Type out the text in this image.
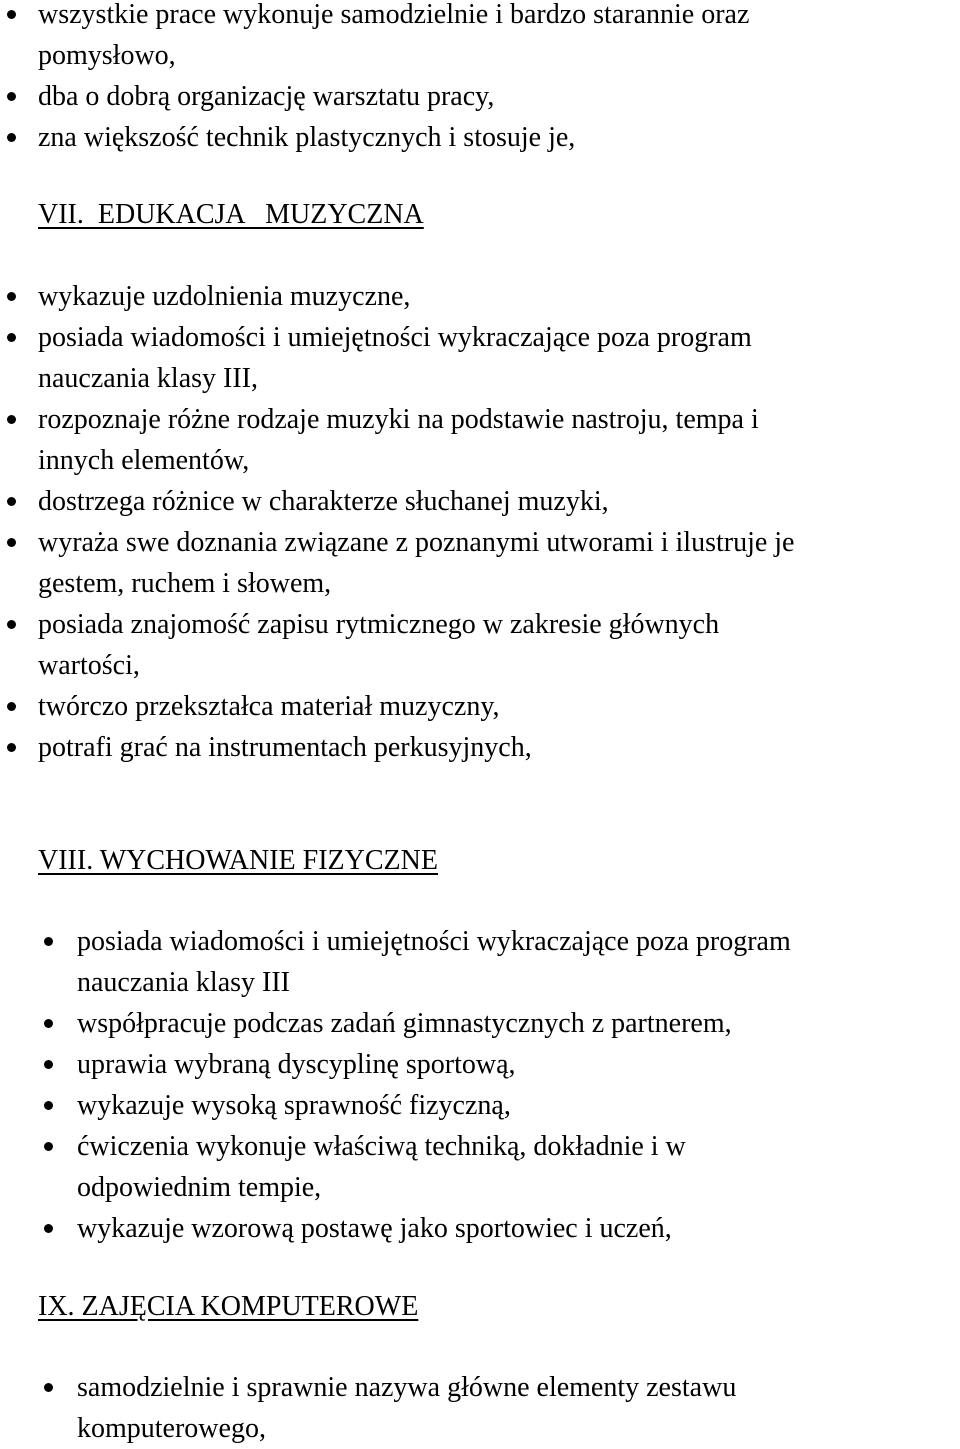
wszystkie prace wykonuje samodzielnie i bardzo starannie oraz
pomysłowo,
dba o dobrą organizację warsztatu pracy,
zna większość technik plastycznych i stosuje je,
VII.  EDUKACJA   MUZYCZNA
wykazuje uzdolnienia muzyczne,
posiada wiadomości i umiejętności wykraczające poza program
nauczania klasy III,
rozpoznaje różne rodzaje muzyki na podstawie nastroju, tempa i
innych elementów,
dostrzega różnice w charakterze słuchanej muzyki,
wyraża swe doznania związane z poznanymi utworami i ilustruje je
gestem, ruchem i słowem,
posiada znajomość zapisu rytmicznego w zakresie głównych
wartości,
twórczo przekształca materiał muzyczny,
potrafi grać na instrumentach perkusyjnych,
VIII. WYCHOWANIE FIZYCZNE
posiada wiadomości i umiejętności wykraczające poza program
nauczania klasy III
współpracuje podczas zadań gimnastycznych z partnerem,
uprawia wybraną dyscyplinę sportową,
wykazuje wysoką sprawność fizyczną,
ćwiczenia wykonuje właściwą techniką, dokładnie i w
odpowiednim tempie,
wykazuje wzorową postawę jako sportowiec i uczeń,
IX. ZAJĘCIA KOMPUTEROWE
samodzielnie i sprawnie nazywa główne elementy zestawu
komputerowego,
